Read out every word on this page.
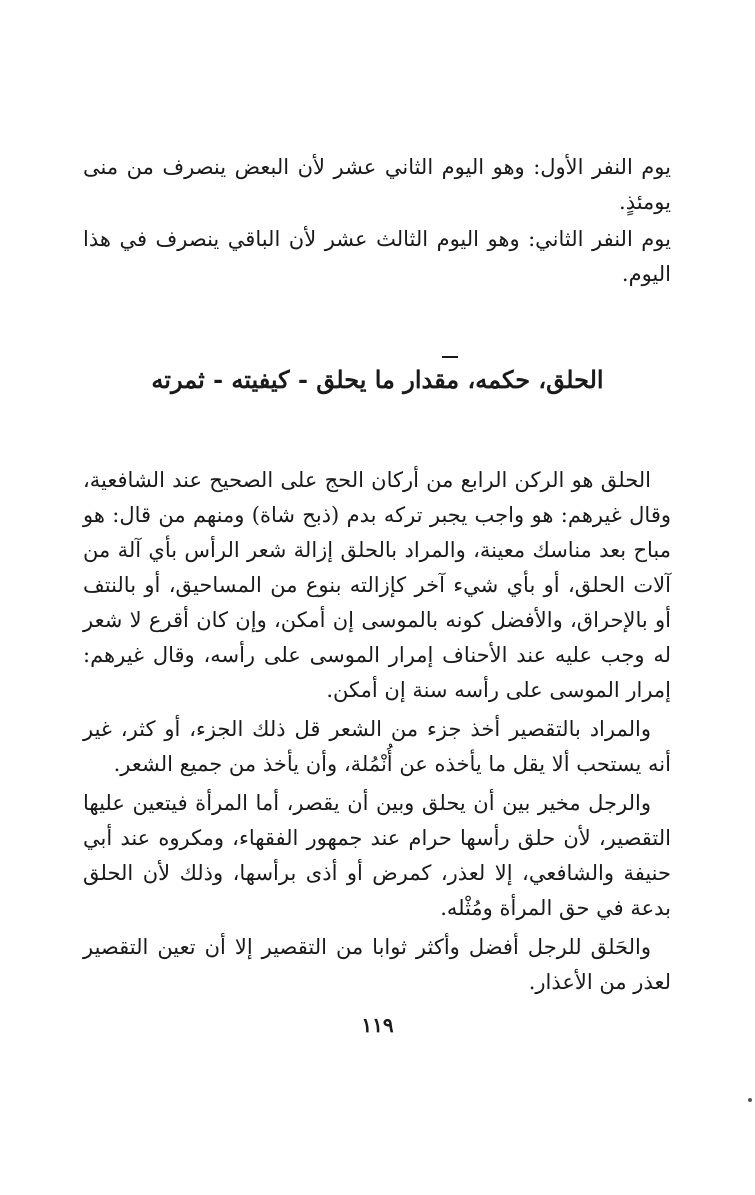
يوم النفر الأول: وهو اليوم الثاني عشر لأن البعض ينصرف من منى يومئذٍ.

يوم النفر الثاني: وهو اليوم الثالث عشر لأن الباقي ينصرف في هذا اليوم.

الحلق، حكمه، مقدار ما يحلق - كيفيته - ثمرته

الحلق هو الركن الرابع من أركان الحج على الصحيح عند الشافعية، وقال غيرهم: هو واجب يجبر تركه بدم (ذبح شاة) ومنهم من قال: هو مباح بعد مناسك معينة، والمراد بالحلق إزالة شعر الرأس بأي آلة من آلات الحلق، أو بأي شيء آخر كإزالته بنوع من المساحيق، أو بالنتف أو بالإحراق، والأفضل كونه بالموسى إن أمكن، وإن كان أقرع لا شعر له وجب عليه عند الأحناف إمرار الموسى على رأسه، وقال غيرهم: إمرار الموسى على رأسه سنة إن أمكن.

والمراد بالتقصير أخذ جزء من الشعر قل ذلك الجزء، أو كثر، غير أنه يستحب ألا يقل ما يأخذه عن أُنْمُلة، وأن يأخذ من جميع الشعر.

والرجل مخير بين أن يحلق وبين أن يقصر، أما المرأة فيتعين عليها التقصير، لأن حلق رأسها حرام عند جمهور الفقهاء، ومكروه عند أبي حنيفة والشافعي، إلا لعذر، كمرض أو أذى برأسها، وذلك لأن الحلق بدعة في حق المرأة ومُثْله.

والحَلق للرجل أفضل وأكثر ثوابا من التقصير إلا أن تعين التقصير لعذر من الأعذار.

١١٩
